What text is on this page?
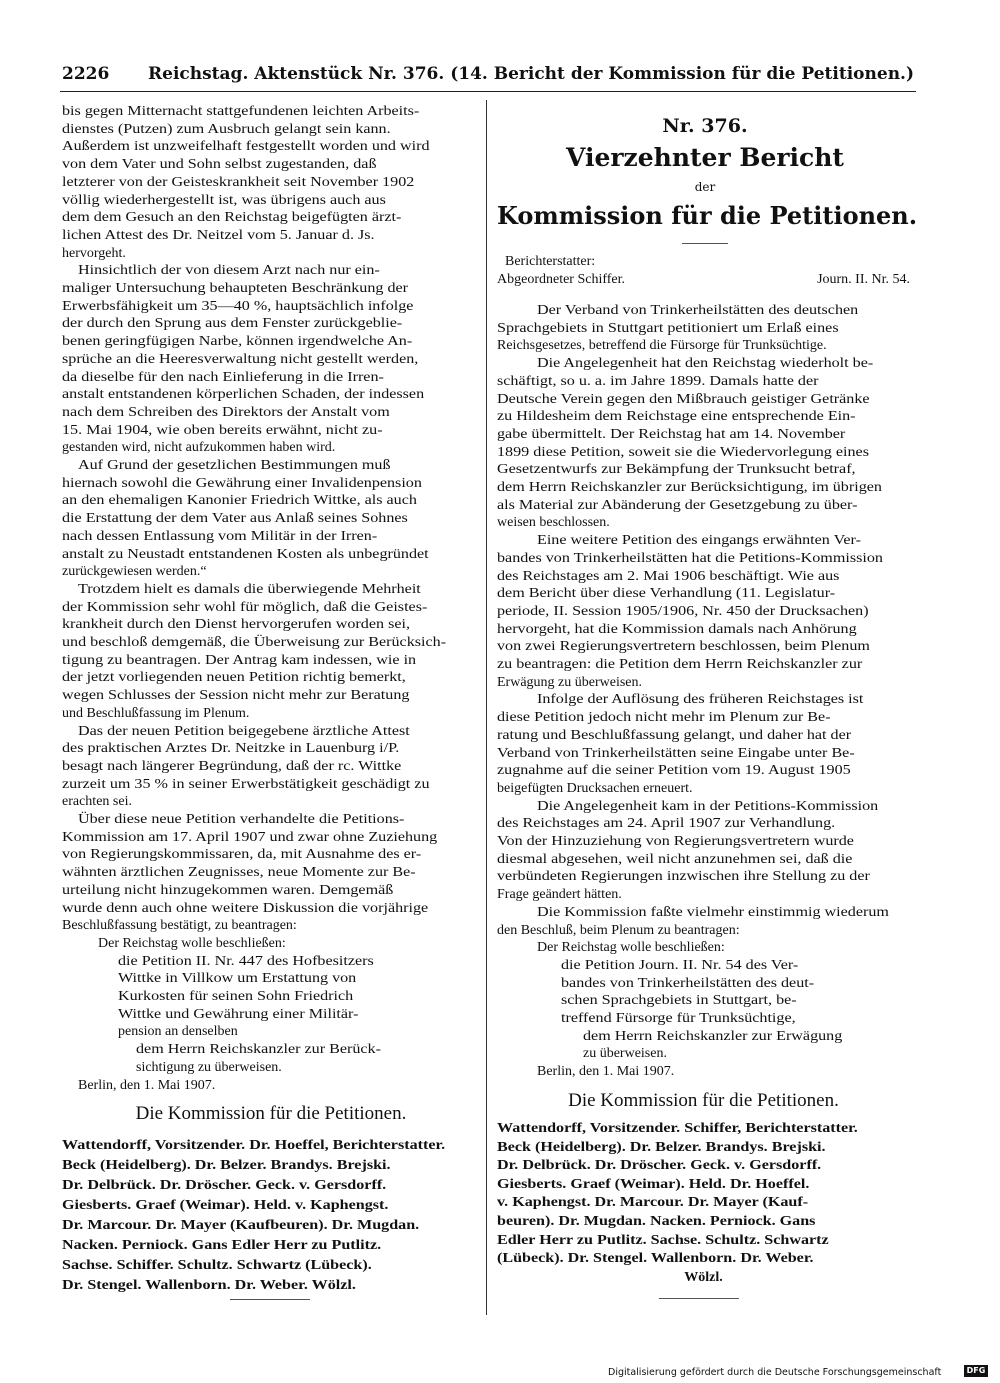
2226 Reichstag. Aktenstück Nr. 376. (14. Bericht der Kommission für die Petitionen.)
bis gegen Mitternacht stattgefundenen leichten Arbeits-
dienstes (Putzen) zum Ausbruch gelangt sein kann.
Außerdem ist unzweifelhaft festgestellt worden und wird
von dem Vater und Sohn selbst zugestanden, daß
letzterer von der Geisteskrankheit seit November 1902
völlig wiederhergestellt ist, was übrigens auch aus
dem dem Gesuch an den Reichstag beigefügten ärzt-
lichen Attest des Dr. Neitzel vom 5. Januar d. Js.
hervorgeht.
Hinsichtlich der von diesem Arzt nach nur ein-
maliger Untersuchung behaupteten Beschränkung der
Erwerbsfähigkeit um 35—40 %, hauptsächlich infolge
der durch den Sprung aus dem Fenster zurückgeblie-
benen geringfügigen Narbe, können irgendwelche An-
sprüche an die Heeresverwaltung nicht gestellt werden,
da dieselbe für den nach Einlieferung in die Irren-
anstalt entstandenen körperlichen Schaden, der indessen
nach dem Schreiben des Direktors der Anstalt vom
15. Mai 1904, wie oben bereits erwähnt, nicht zu-
gestanden wird, nicht aufzukommen haben wird.
Auf Grund der gesetzlichen Bestimmungen muß
hiernach sowohl die Gewährung einer Invalidenpension
an den ehemaligen Kanonier Friedrich Wittke, als auch
die Erstattung der dem Vater aus Anlaß seines Sohnes
nach dessen Entlassung vom Militär in der Irren-
anstalt zu Neustadt entstandenen Kosten als unbegründet
zurückgewiesen werden.“
Trotzdem hielt es damals die überwiegende Mehrheit
der Kommission sehr wohl für möglich, daß die Geistes-
krankheit durch den Dienst hervorgerufen worden sei,
und beschloß demgemäß, die Überweisung zur Berücksich-
tigung zu beantragen. Der Antrag kam indessen, wie in
der jetzt vorliegenden neuen Petition richtig bemerkt,
wegen Schlusses der Session nicht mehr zur Beratung
und Beschlußfassung im Plenum.
Das der neuen Petition beigegebene ärztliche Attest
des praktischen Arztes Dr. Neitzke in Lauenburg i/P.
besagt nach längerer Begründung, daß der rc. Wittke
zurzeit um 35 % in seiner Erwerbstätigkeit geschädigt zu
erachten sei.
Über diese neue Petition verhandelte die Petitions-
Kommission am 17. April 1907 und zwar ohne Zuziehung
von Regierungskommissaren, da, mit Ausnahme des er-
wähnten ärztlichen Zeugnisses, neue Momente zur Be-
urteilung nicht hinzugekommen waren. Demgemäß
wurde denn auch ohne weitere Diskussion die vorjährige
Beschlußfassung bestätigt, zu beantragen:
Der Reichstag wolle beschließen:
die Petition II. Nr. 447 des Hofbesitzers
Wittke in Villkow um Erstattung von
Kurkosten für seinen Sohn Friedrich
Wittke und Gewährung einer Militär-
pension an denselben
dem Herrn Reichskanzler zur Berück-
sichtigung zu überweisen.
Berlin, den 1. Mai 1907.
Die Kommission für die Petitionen.
Wattendorff, Vorsitzender. Dr. Hoeffel, Berichterstatter.
Beck (Heidelberg). Dr. Belzer. Brandys. Brejski.
Dr. Delbrück. Dr. Dröscher. Geck. v. Gersdorff.
Giesberts. Graef (Weimar). Held. v. Kaphengst.
Dr. Marcour. Dr. Mayer (Kaufbeuren). Dr. Mugdan.
Nacken. Perniock. Gans Edler Herr zu Putlitz.
Sachse. Schiffer. Schultz. Schwartz (Lübeck).
Dr. Stengel. Wallenborn. Dr. Weber. Wölzl.
Nr. 376.
Vierzehnter Bericht
der
Kommission für die Petitionen.
Berichterstatter:
Abgeordneter Schiffer.	Journ. II. Nr. 54.
Der Verband von Trinkerheilstätten des deutschen
Sprachgebiets in Stuttgart petitioniert um Erlaß eines
Reichsgesetzes, betreffend die Fürsorge für Trunksüchtige.
Die Angelegenheit hat den Reichstag wiederholt be-
schäftigt, so u. a. im Jahre 1899. Damals hatte der
Deutsche Verein gegen den Mißbrauch geistiger Getränke
zu Hildesheim dem Reichstage eine entsprechende Ein-
gabe übermittelt. Der Reichstag hat am 14. November
1899 diese Petition, soweit sie die Wiedervorlegung eines
Gesetzentwurfs zur Bekämpfung der Trunksucht betraf,
dem Herrn Reichskanzler zur Berücksichtigung, im übrigen
als Material zur Abänderung der Gesetzgebung zu über-
weisen beschlossen.
Eine weitere Petition des eingangs erwähnten Ver-
bandes von Trinkerheilstätten hat die Petitions-Kommission
des Reichstages am 2. Mai 1906 beschäftigt. Wie aus
dem Bericht über diese Verhandlung (11. Legislatur-
periode, II. Session 1905/1906, Nr. 450 der Drucksachen)
hervorgeht, hat die Kommission damals nach Anhörung
von zwei Regierungsvertretern beschlossen, beim Plenum
zu beantragen: die Petition dem Herrn Reichskanzler zur
Erwägung zu überweisen.
Infolge der Auflösung des früheren Reichstages ist
diese Petition jedoch nicht mehr im Plenum zur Be-
ratung und Beschlußfassung gelangt, und daher hat der
Verband von Trinkerheilstätten seine Eingabe unter Be-
zugnahme auf die seiner Petition vom 19. August 1905
beigefügten Drucksachen erneuert.
Die Angelegenheit kam in der Petitions-Kommission
des Reichstages am 24. April 1907 zur Verhandlung.
Von der Hinzuziehung von Regierungsvertretern wurde
diesmal abgesehen, weil nicht anzunehmen sei, daß die
verbündeten Regierungen inzwischen ihre Stellung zu der
Frage geändert hätten.
Die Kommission faßte vielmehr einstimmig wiederum
den Beschluß, beim Plenum zu beantragen:
Der Reichstag wolle beschließen:
die Petition Journ. II. Nr. 54 des Ver-
bandes von Trinkerheilstätten des deut-
schen Sprachgebiets in Stuttgart, be-
treffend Fürsorge für Trunksüchtige,
dem Herrn Reichskanzler zur Erwägung
zu überweisen.
Berlin, den 1. Mai 1907.
Die Kommission für die Petitionen.
Wattendorff, Vorsitzender. Schiffer, Berichterstatter.
Beck (Heidelberg). Dr. Belzer. Brandys. Brejski.
Dr. Delbrück. Dr. Dröscher. Geck. v. Gersdorff.
Giesberts. Graef (Weimar). Held. Dr. Hoeffel.
v. Kaphengst. Dr. Marcour. Dr. Mayer (Kauf-
beuren). Dr. Mugdan. Nacken. Perniock. Gans
Edler Herr zu Putlitz. Sachse. Schultz. Schwartz
(Lübeck). Dr. Stengel. Wallenborn. Dr. Weber.
Wölzl.
Digitalisierung gefördert durch die Deutsche Forschungsgemeinschaft	DFG
